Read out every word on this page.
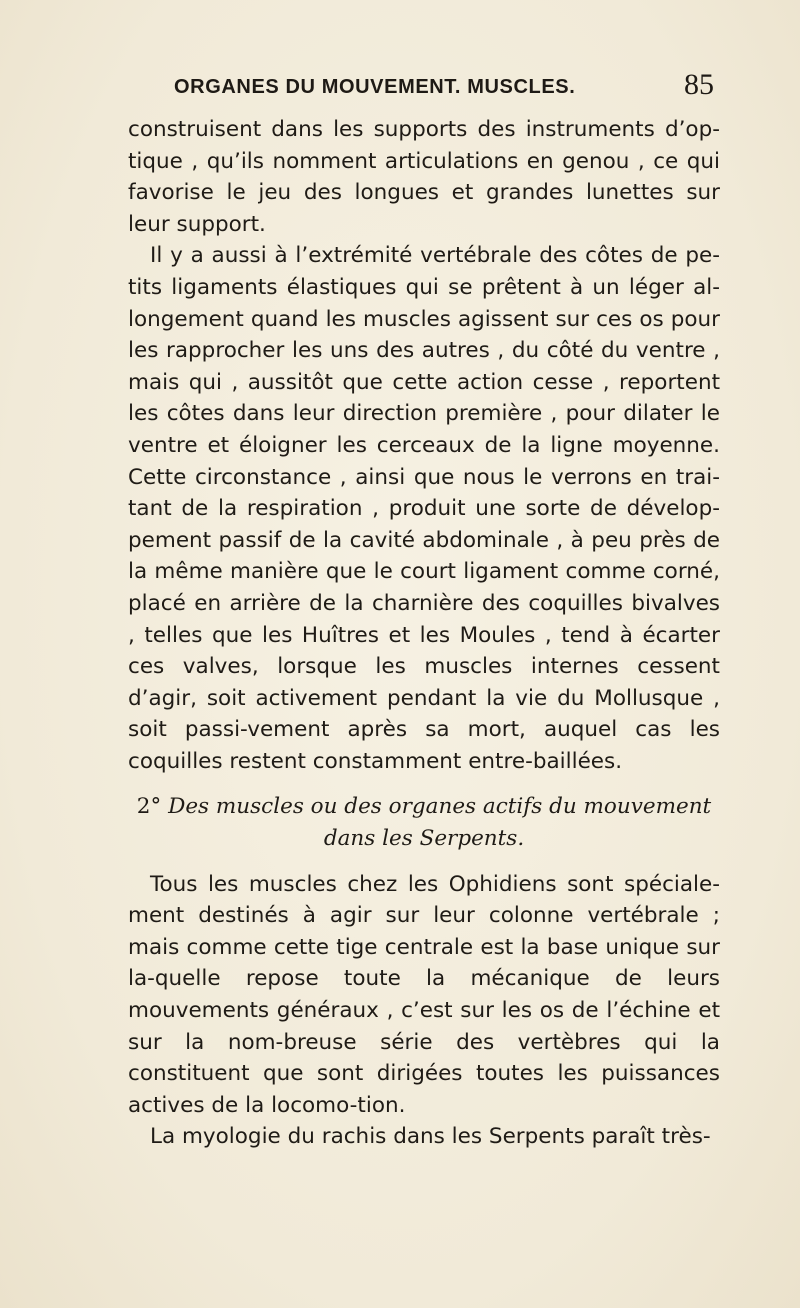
ORGANES DU MOUVEMENT. MUSCLES.	85

construisent dans les supports des instruments d’op-tique , qu’ils nomment articulations en genou , ce qui favorise le jeu des longues et grandes lunettes sur leur support.

Il y a aussi à l’extrémité vertébrale des côtes de pe-tits ligaments élastiques qui se prêtent à un léger al-longement quand les muscles agissent sur ces os pour les rapprocher les uns des autres , du côté du ventre , mais qui , aussitôt que cette action cesse , reportent les côtes dans leur direction première , pour dilater le ventre et éloigner les cerceaux de la ligne moyenne. Cette circonstance , ainsi que nous le verrons en trai-tant de la respiration , produit une sorte de dévelop-pement passif de la cavité abdominale , à peu près de la même manière que le court ligament comme corné, placé en arrière de la charnière des coquilles bivalves , telles que les Huîtres et les Moules , tend à écarter ces valves, lorsque les muscles internes cessent d’agir, soit activement pendant la vie du Mollusque , soit passi-vement après sa mort, auquel cas les coquilles restent constamment entre-baillées.

2° Des muscles ou des organes actifs du mouvement dans les Serpents.

Tous les muscles chez les Ophidiens sont spéciale-ment destinés à agir sur leur colonne vertébrale ; mais comme cette tige centrale est la base unique sur la-quelle repose toute la mécanique de leurs mouvements généraux , c’est sur les os de l’échine et sur la nom-breuse série des vertèbres qui la constituent que sont dirigées toutes les puissances actives de la locomo-tion.

La myologie du rachis dans les Serpents paraît très-
